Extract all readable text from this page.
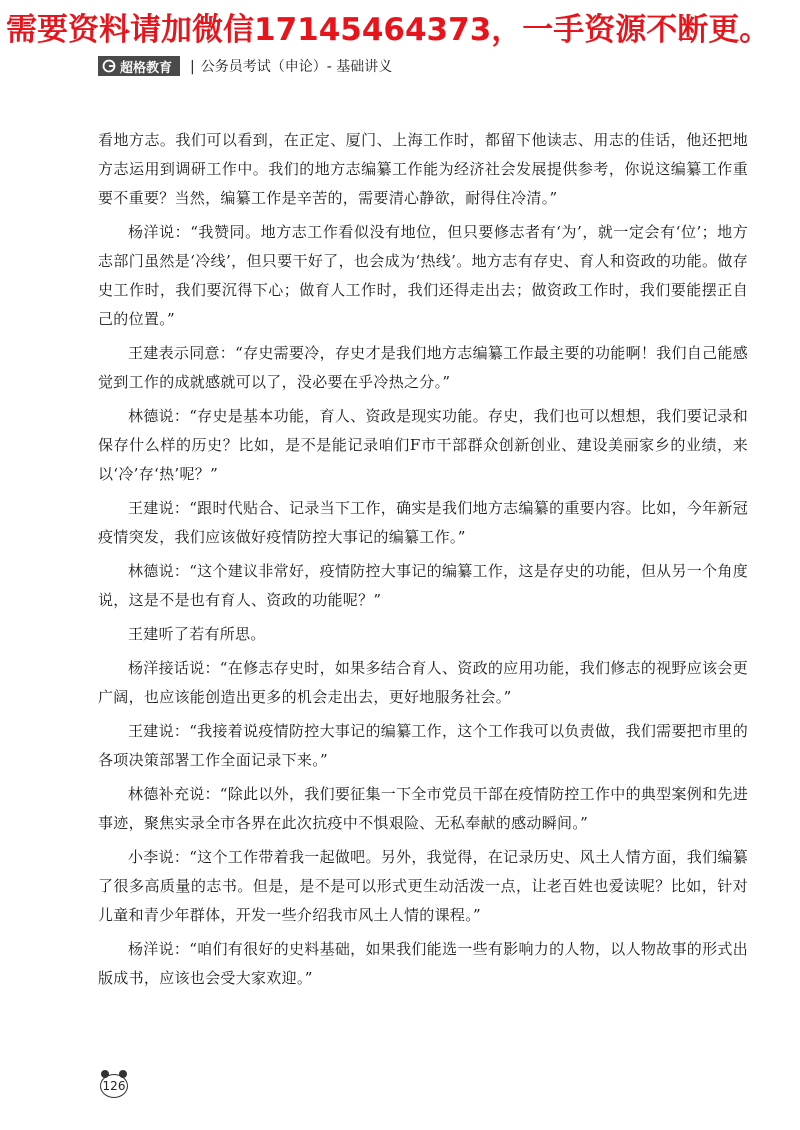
需要资料请加微信17145464373，一手资源不断更。
超格教育 | 公务员考试（申论）- 基础讲义

看地方志。我们可以看到，在正定、厦门、上海工作时，都留下他读志、用志的佳话，他还把地方志运用到调研工作中。我们的地方志编纂工作能为经济社会发展提供参考，你说这编纂工作重要不重要？当然，编纂工作是辛苦的，需要清心静欲，耐得住冷清。”

杨洋说：“我赞同。地方志工作看似没有地位，但只要修志者有‘为’，就一定会有‘位’；地方志部门虽然是‘冷线’，但只要干好了，也会成为‘热线’。地方志有存史、育人和资政的功能。做存史工作时，我们要沉得下心；做育人工作时，我们还得走出去；做资政工作时，我们要能摆正自己的位置。”

王建表示同意：“存史需要冷，存史才是我们地方志编纂工作最主要的功能啊！我们自己能感觉到工作的成就感就可以了，没必要在乎冷热之分。”

林德说：“存史是基本功能，育人、资政是现实功能。存史，我们也可以想想，我们要记录和保存什么样的历史？比如，是不是能记录咱们F市干部群众创新创业、建设美丽家乡的业绩，来以‘冷’存‘热’呢？”

王建说：“跟时代贴合、记录当下工作，确实是我们地方志编纂的重要内容。比如，今年新冠疫情突发，我们应该做好疫情防控大事记的编纂工作。”

林德说：“这个建议非常好，疫情防控大事记的编纂工作，这是存史的功能，但从另一个角度说，这是不是也有育人、资政的功能呢？”

王建听了若有所思。

杨洋接话说：“在修志存史时，如果多结合育人、资政的应用功能，我们修志的视野应该会更广阔，也应该能创造出更多的机会走出去，更好地服务社会。”

王建说：“我接着说疫情防控大事记的编纂工作，这个工作我可以负责做，我们需要把市里的各项决策部署工作全面记录下来。”

林德补充说：“除此以外，我们要征集一下全市党员干部在疫情防控工作中的典型案例和先进事迹，聚焦实录全市各界在此次抗疫中不惧艰险、无私奉献的感动瞬间。”

小李说：“这个工作带着我一起做吧。另外，我觉得，在记录历史、风土人情方面，我们编纂了很多高质量的志书。但是，是不是可以形式更生动活泼一点，让老百姓也爱读呢？比如，针对儿童和青少年群体，开发一些介绍我市风土人情的课程。”

杨洋说：“咱们有很好的史料基础，如果我们能选一些有影响力的人物，以人物故事的形式出版成书，应该也会受大家欢迎。”

126
